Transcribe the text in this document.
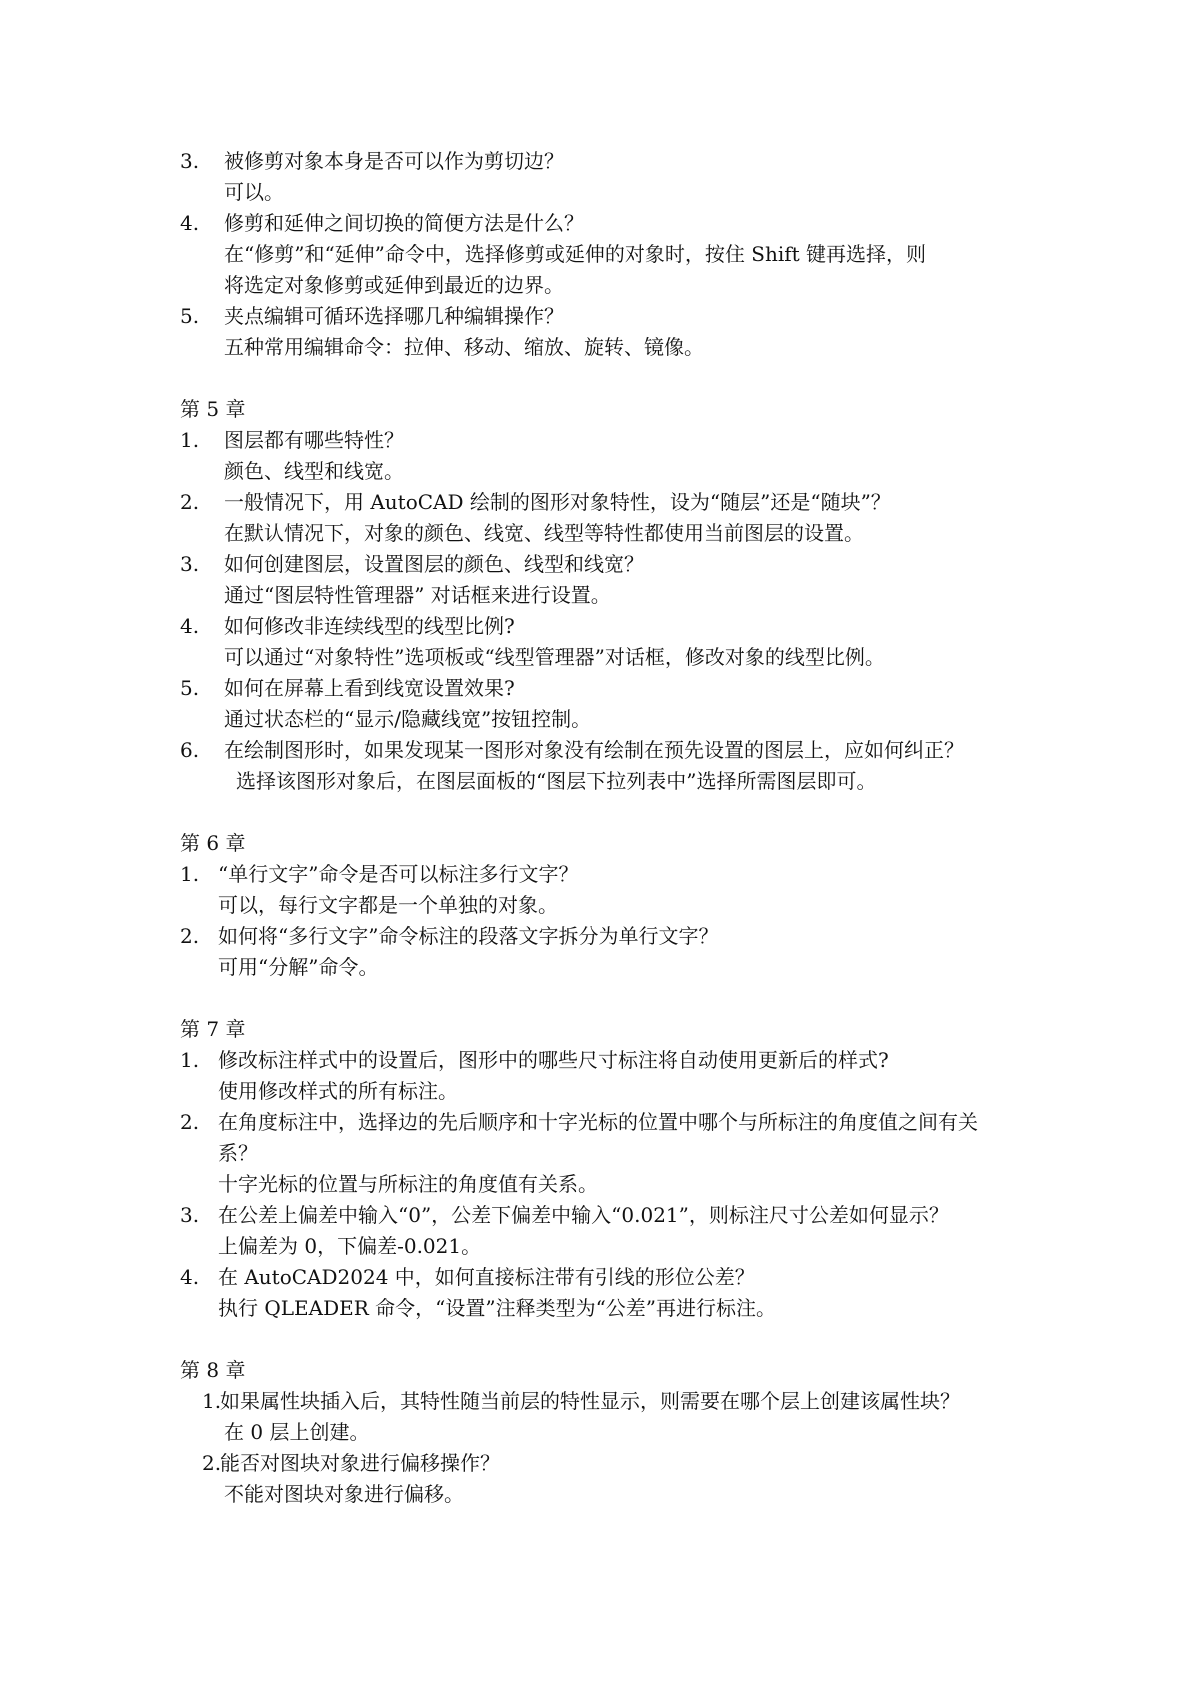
3. 被修剪对象本身是否可以作为剪切边？
可以。
4. 修剪和延伸之间切换的简便方法是什么？
在“修剪”和“延伸”命令中，选择修剪或延伸的对象时，按住 Shift 键再选择，则
将选定对象修剪或延伸到最近的边界。
5. 夹点编辑可循环选择哪几种编辑操作？
五种常用编辑命令：拉伸、移动、缩放、旋转、镜像。
第 5 章
1. 图层都有哪些特性？
颜色、线型和线宽。
2. 一般情况下，用 AutoCAD 绘制的图形对象特性，设为“随层”还是“随块”？
在默认情况下，对象的颜色、线宽、线型等特性都使用当前图层的设置。
3. 如何创建图层，设置图层的颜色、线型和线宽？
通过“图层特性管理器” 对话框来进行设置。
4. 如何修改非连续线型的线型比例?
可以通过“对象特性”选项板或“线型管理器”对话框，修改对象的线型比例。
5. 如何在屏幕上看到线宽设置效果?
通过状态栏的“显示/隐藏线宽”按钮控制。
6. 在绘制图形时，如果发现某一图形对象没有绘制在预先设置的图层上，应如何纠正？
选择该图形对象后，在图层面板的“图层下拉列表中”选择所需图层即可。
第 6 章
1. “单行文字”命令是否可以标注多行文字？
可以，每行文字都是一个单独的对象。
2. 如何将“多行文字”命令标注的段落文字拆分为单行文字？
可用“分解”命令。
第 7 章
1. 修改标注样式中的设置后，图形中的哪些尺寸标注将自动使用更新后的样式?
使用修改样式的所有标注。
2. 在角度标注中，选择边的先后顺序和十字光标的位置中哪个与所标注的角度值之间有关
系？
十字光标的位置与所标注的角度值有关系。
3. 在公差上偏差中输入“0”，公差下偏差中输入“0.021”，则标注尺寸公差如何显示？
上偏差为 0，下偏差-0.021。
4. 在 AutoCAD2024 中，如何直接标注带有引线的形位公差？
执行 QLEADER 命令，“设置”注释类型为“公差”再进行标注。
第 8 章
1.
如果属性块插入后，其特性随当前层的特性显示，则需要在哪个层上创建该属性块？
在 0 层上创建。
2.
能否对图块对象进行偏移操作？
不能对图块对象进行偏移。
